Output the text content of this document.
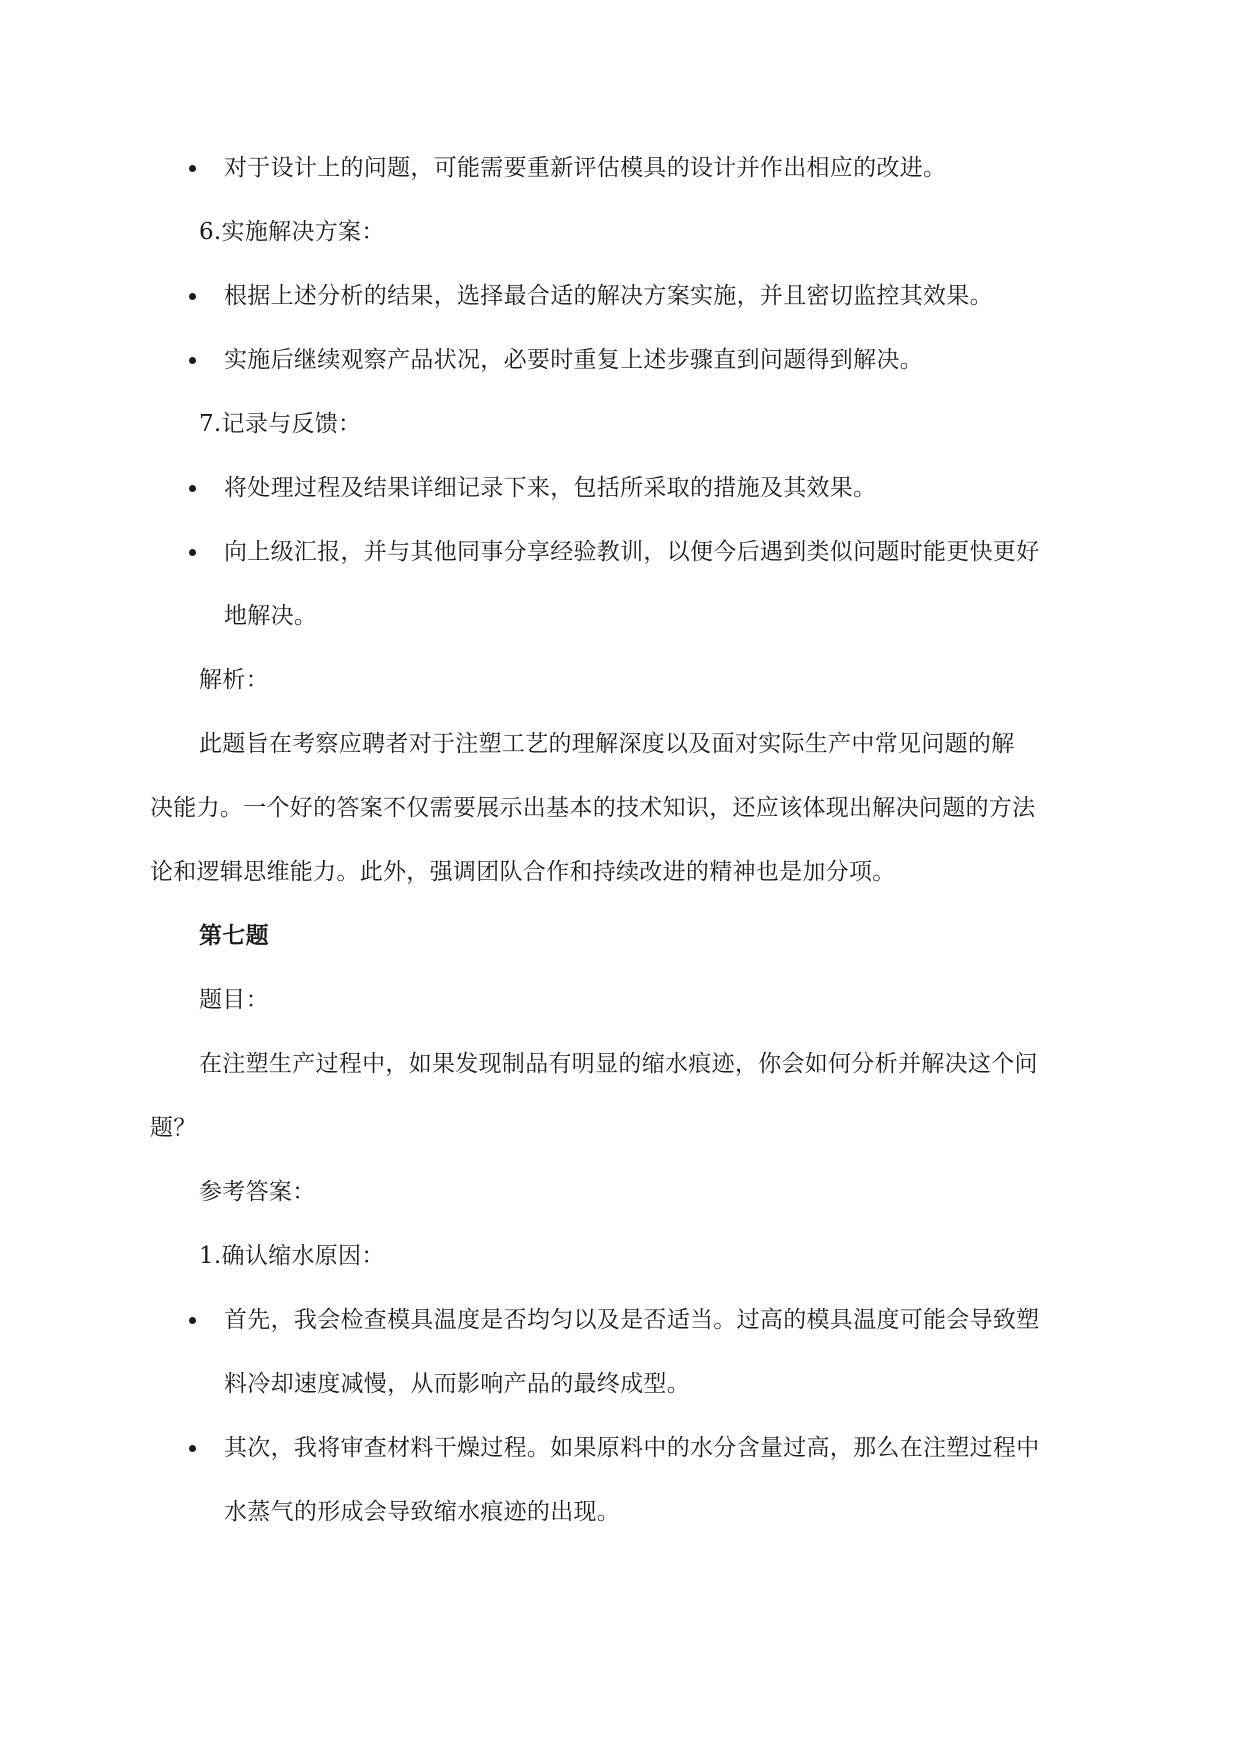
对于设计上的问题，可能需要重新评估模具的设计并作出相应的改进。
6.实施解决方案：
根据上述分析的结果，选择最合适的解决方案实施，并且密切监控其效果。
实施后继续观察产品状况，必要时重复上述步骤直到问题得到解决。
7.记录与反馈：
将处理过程及结果详细记录下来，包括所采取的措施及其效果。
向上级汇报，并与其他同事分享经验教训，以便今后遇到类似问题时能更快更好
地解决。
解析：
此题旨在考察应聘者对于注塑工艺的理解深度以及面对实际生产中常见问题的解
决能力。一个好的答案不仅需要展示出基本的技术知识，还应该体现出解决问题的方法
论和逻辑思维能力。此外，强调团队合作和持续改进的精神也是加分项。
第七题
题目：
在注塑生产过程中，如果发现制品有明显的缩水痕迹，你会如何分析并解决这个问
题？
参考答案：
1.确认缩水原因：
首先，我会检查模具温度是否均匀以及是否适当。过高的模具温度可能会导致塑
料冷却速度减慢，从而影响产品的最终成型。
其次，我将审查材料干燥过程。如果原料中的水分含量过高，那么在注塑过程中
水蒸气的形成会导致缩水痕迹的出现。
